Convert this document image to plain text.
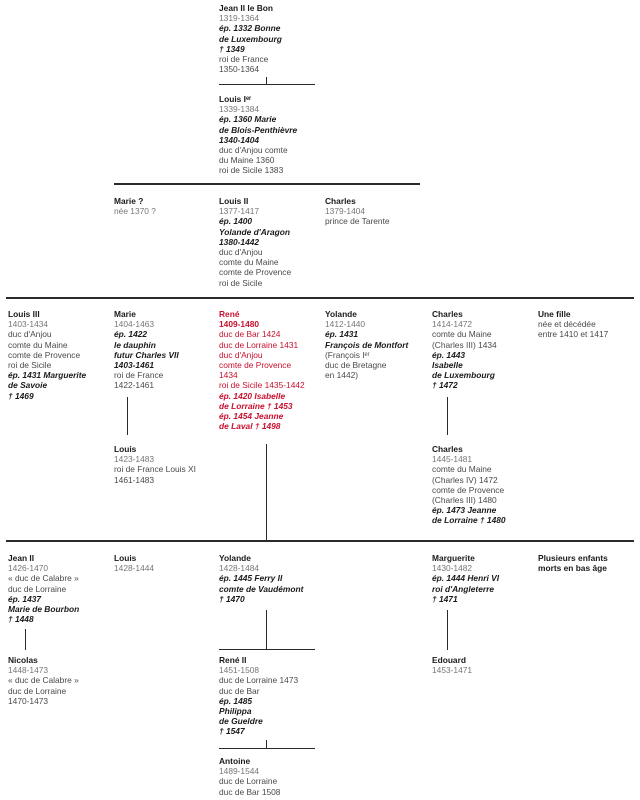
Jean II le Bon
1319-1364
ép. 1332 Bonne
de Luxembourg
† 1349
roi de France
1350-1364
Louis Iᵉʳ
1339-1384
ép. 1360 Marie
de Blois-Penthièvre
1340-1404
duc d'Anjou comte
du Maine 1360
roi de Sicile 1383
Marie ?
née 1370 ?
Louis II
1377-1417
ép. 1400
Yolande d'Aragon
1380-1442
duc d'Anjou
comte du Maine
comte de Provence
roi de Sicile
Charles
1379-1404
prince de Tarente
Louis III
1403-1434
duc d'Anjou
comte du Maine
comte de Provence
roi de Sicile
ép. 1431 Marguerite
de Savoie
† 1469
Marie
1404-1463
ép. 1422
le dauphin
futur Charles VII
1403-1461
roi de France
1422-1461
René
1409-1480
duc de Bar 1424
duc de Lorraine 1431
duc d'Anjou
comte de Provence
1434
roi de Sicile 1435-1442
ép. 1420 Isabelle
de Lorraine † 1453
ép. 1454 Jeanne
de Laval † 1498
Yolande
1412-1440
ép. 1431
François de Montfort
(François Iᵉʳ
duc de Bretagne
en 1442)
Charles
1414-1472
comte du Maine
(Charles III) 1434
ép. 1443
Isabelle
de Luxembourg
† 1472
Une fille
née et décédée
entre 1410 et 1417
Louis
1423-1483
roi de France Louis XI
1461-1483
Charles
1445-1481
comte du Maine
(Charles IV) 1472
comte de Provence
(Charles III) 1480
ép. 1473 Jeanne
de Lorraine † 1480
Jean II
1426-1470
« duc de Calabre »
duc de Lorraine
ép. 1437
Marie de Bourbon
† 1448
Louis
1428-1444
Yolande
1428-1484
ép. 1445 Ferry II
comte de Vaudémont
† 1470
Marguerite
1430-1482
ép. 1444 Henri VI
roi d'Angleterre
† 1471
Plusieurs enfants
morts en bas âge
Nicolas
1448-1473
« duc de Calabre »
duc de Lorraine
1470-1473
René II
1451-1508
duc de Lorraine 1473
duc de Bar
ép. 1485
Philippa
de Gueldre
† 1547
Edouard
1453-1471
Antoine
1489-1544
duc de Lorraine
duc de Bar 1508
